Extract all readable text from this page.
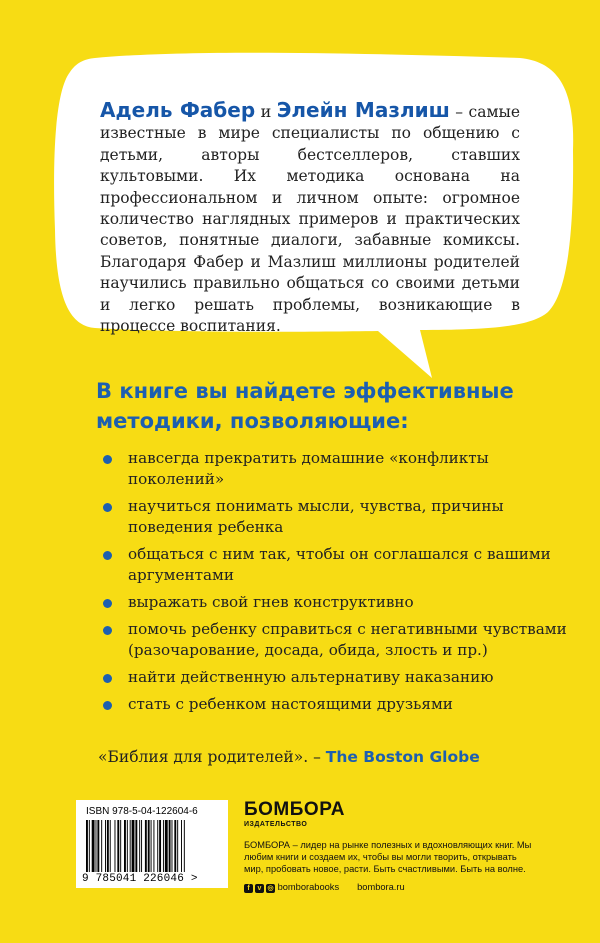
Адель Фабер и Элейн Мазлиш – самые известные в мире специалисты по общению с детьми, авторы бестселлеров, ставших культовыми. Их методика основана на профессиональном и личном опыте: огромное количество наглядных примеров и практических советов, понятные диалоги, забавные комиксы. Благодаря Фабер и Мазлиш миллионы родителей научились правильно общаться со своими детьми и легко решать проблемы, возникающие в процессе воспитания.
В книге вы найдете эффективные методики, позволяющие:
навсегда прекратить домашние «конфликты поколений»
научиться понимать мысли, чувства, причины поведения ребенка
общаться с ним так, чтобы он соглашался с вашими аргументами
выражать свой гнев конструктивно
помочь ребенку справиться с негативными чувствами (разочарование, досада, обида, злость и пр.)
найти действенную альтернативу наказанию
стать с ребенком настоящими друзьями
«Библия для родителей». – The Boston Globe
ISBN 978-5-04-122604-6
9 785041 226046 >
БОМБОРА
ИЗДАТЕЛЬСТВО
БОМБОРА – лидер на рынке полезных и вдохновляющих книг. Мы любим книги и создаем их, чтобы вы могли творить, открывать мир, пробовать новое, расти. Быть счастливыми. Быть на волне.
f	v ◎ bomborabooks bombora.ru
